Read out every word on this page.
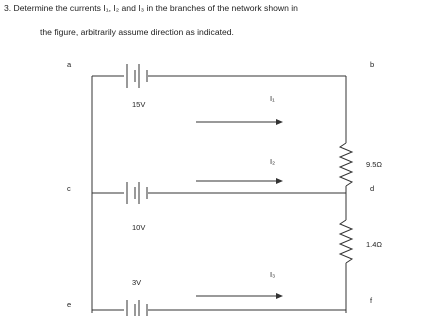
3. Determine the currents I₁, I₂ and I₃ in the branches of the network shown in
the figure, arbitrarily assume direction as indicated.
a	b
c	d
e	f
15V
10V
3V
9.5Ω
1.4Ω
I₁
I₂
I₃
